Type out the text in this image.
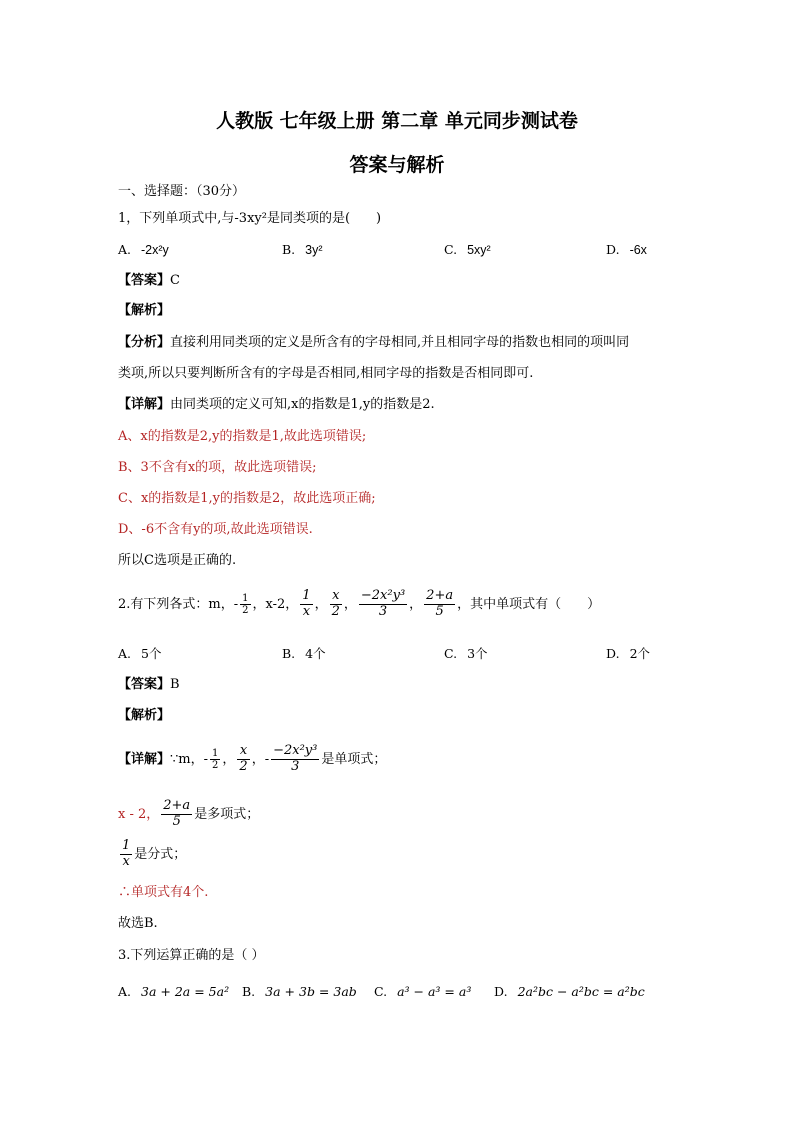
人教版 七年级上册 第二章 单元同步测试卷
答案与解析
一、选择题：（30分）
1，下列单项式中,与-3xy²是同类项的是(　　)
A. -2x²y	B. 3y²	C. 5xy²	D. -6x
【答案】C
【解析】
【分析】直接利用同类项的定义是所含有的字母相同,并且相同字母的指数也相同的项叫同
类项,所以只要判断所含有的字母是否相同,相同字母的指数是否相同即可.
【详解】由同类项的定义可知,x的指数是1,y的指数是2.
A、x的指数是2,y的指数是1,故此选项错误;
B、3不含有x的项，故此选项错误;
C、x的指数是1,y的指数是2，故此选项正确;
D、-6不含有y的项,故此选项错误.
所以C选项是正确的.
2.有下列各式：m，- $\frac{1}{2}$ ，x-2， $\frac{1}{x}$ ， $\frac{x}{2}$ ， $\frac{\text{−2x²y³}}{3}$ ， $\frac{2+a}{5}$ ，其中单项式有（　　）
A. 5个	B. 4个	C. 3个	D. 2个
【答案】B
【解析】
【详解】∵m，- $\frac{1}{2}$ ， $\frac{x}{2}$ ，- $\frac{\text{−2x²y³}}{3}$ 是单项式；
x - 2， $\frac{2+a}{5}$ 是多项式；
$\frac{1}{x}$ 是分式；
∴单项式有4个.
故选B.
3.下列运算正确的是（ ）
A. 3a + 2a = 5a² B. 3a + 3b = 3ab C. a³ − a³ = a³ D. 2a²bc − a²bc = a²bc
